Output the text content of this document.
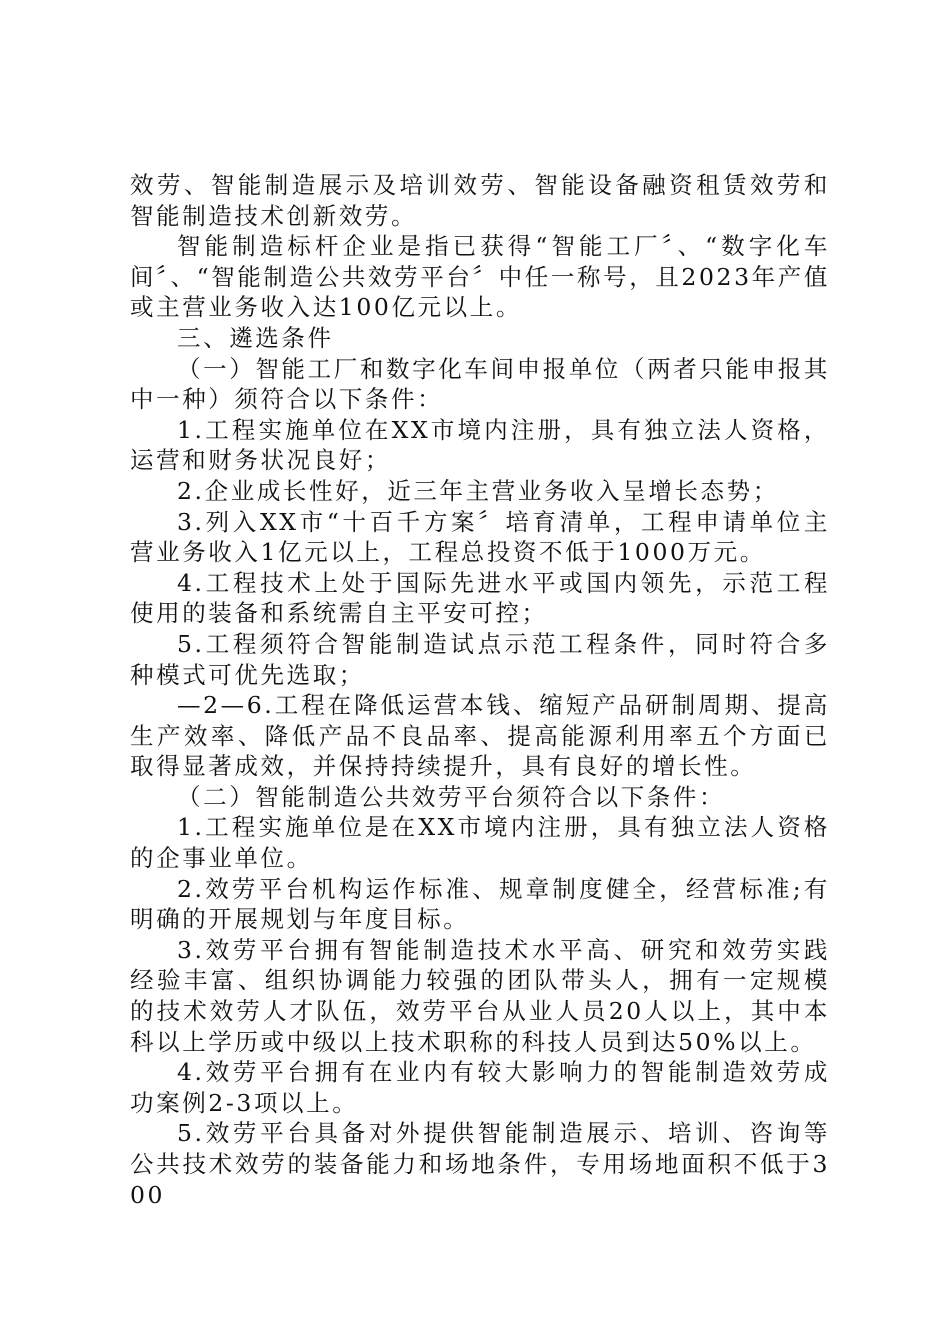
效劳、智能制造展示及培训效劳、智能设备融资租赁效劳和智能制造技术创新效劳。

智能制造标杆企业是指已获得“智能工厂〞、“数字化车间〞、“智能制造公共效劳平台〞中任一称号，且2023年产值或主营业务收入达100亿元以上。

三、遴选条件

（一）智能工厂和数字化车间申报单位（两者只能申报其中一种）须符合以下条件：

1.工程实施单位在XX市境内注册，具有独立法人资格，运营和财务状况良好；

2.企业成长性好，近三年主营业务收入呈增长态势；

3.列入XX市“十百千方案〞培育清单，工程申请单位主营业务收入1亿元以上，工程总投资不低于1000万元。

4.工程技术上处于国际先进水平或国内领先，示范工程使用的装备和系统需自主平安可控；

5.工程须符合智能制造试点示范工程条件，同时符合多种模式可优先选取；

—2—6.工程在降低运营本钱、缩短产品研制周期、提高生产效率、降低产品不良品率、提高能源利用率五个方面已取得显著成效，并保持持续提升，具有良好的增长性。

（二）智能制造公共效劳平台须符合以下条件：

1.工程实施单位是在XX市境内注册，具有独立法人资格的企事业单位。

2.效劳平台机构运作标准、规章制度健全，经营标准;有明确的开展规划与年度目标。

3.效劳平台拥有智能制造技术水平高、研究和效劳实践经验丰富、组织协调能力较强的团队带头人，拥有一定规模的技术效劳人才队伍，效劳平台从业人员20人以上，其中本科以上学历或中级以上技术职称的科技人员到达50%以上。

4.效劳平台拥有在业内有较大影响力的智能制造效劳成功案例2-3项以上。

5.效劳平台具备对外提供智能制造展示、培训、咨询等公共技术效劳的装备能力和场地条件，专用场地面积不低于300
